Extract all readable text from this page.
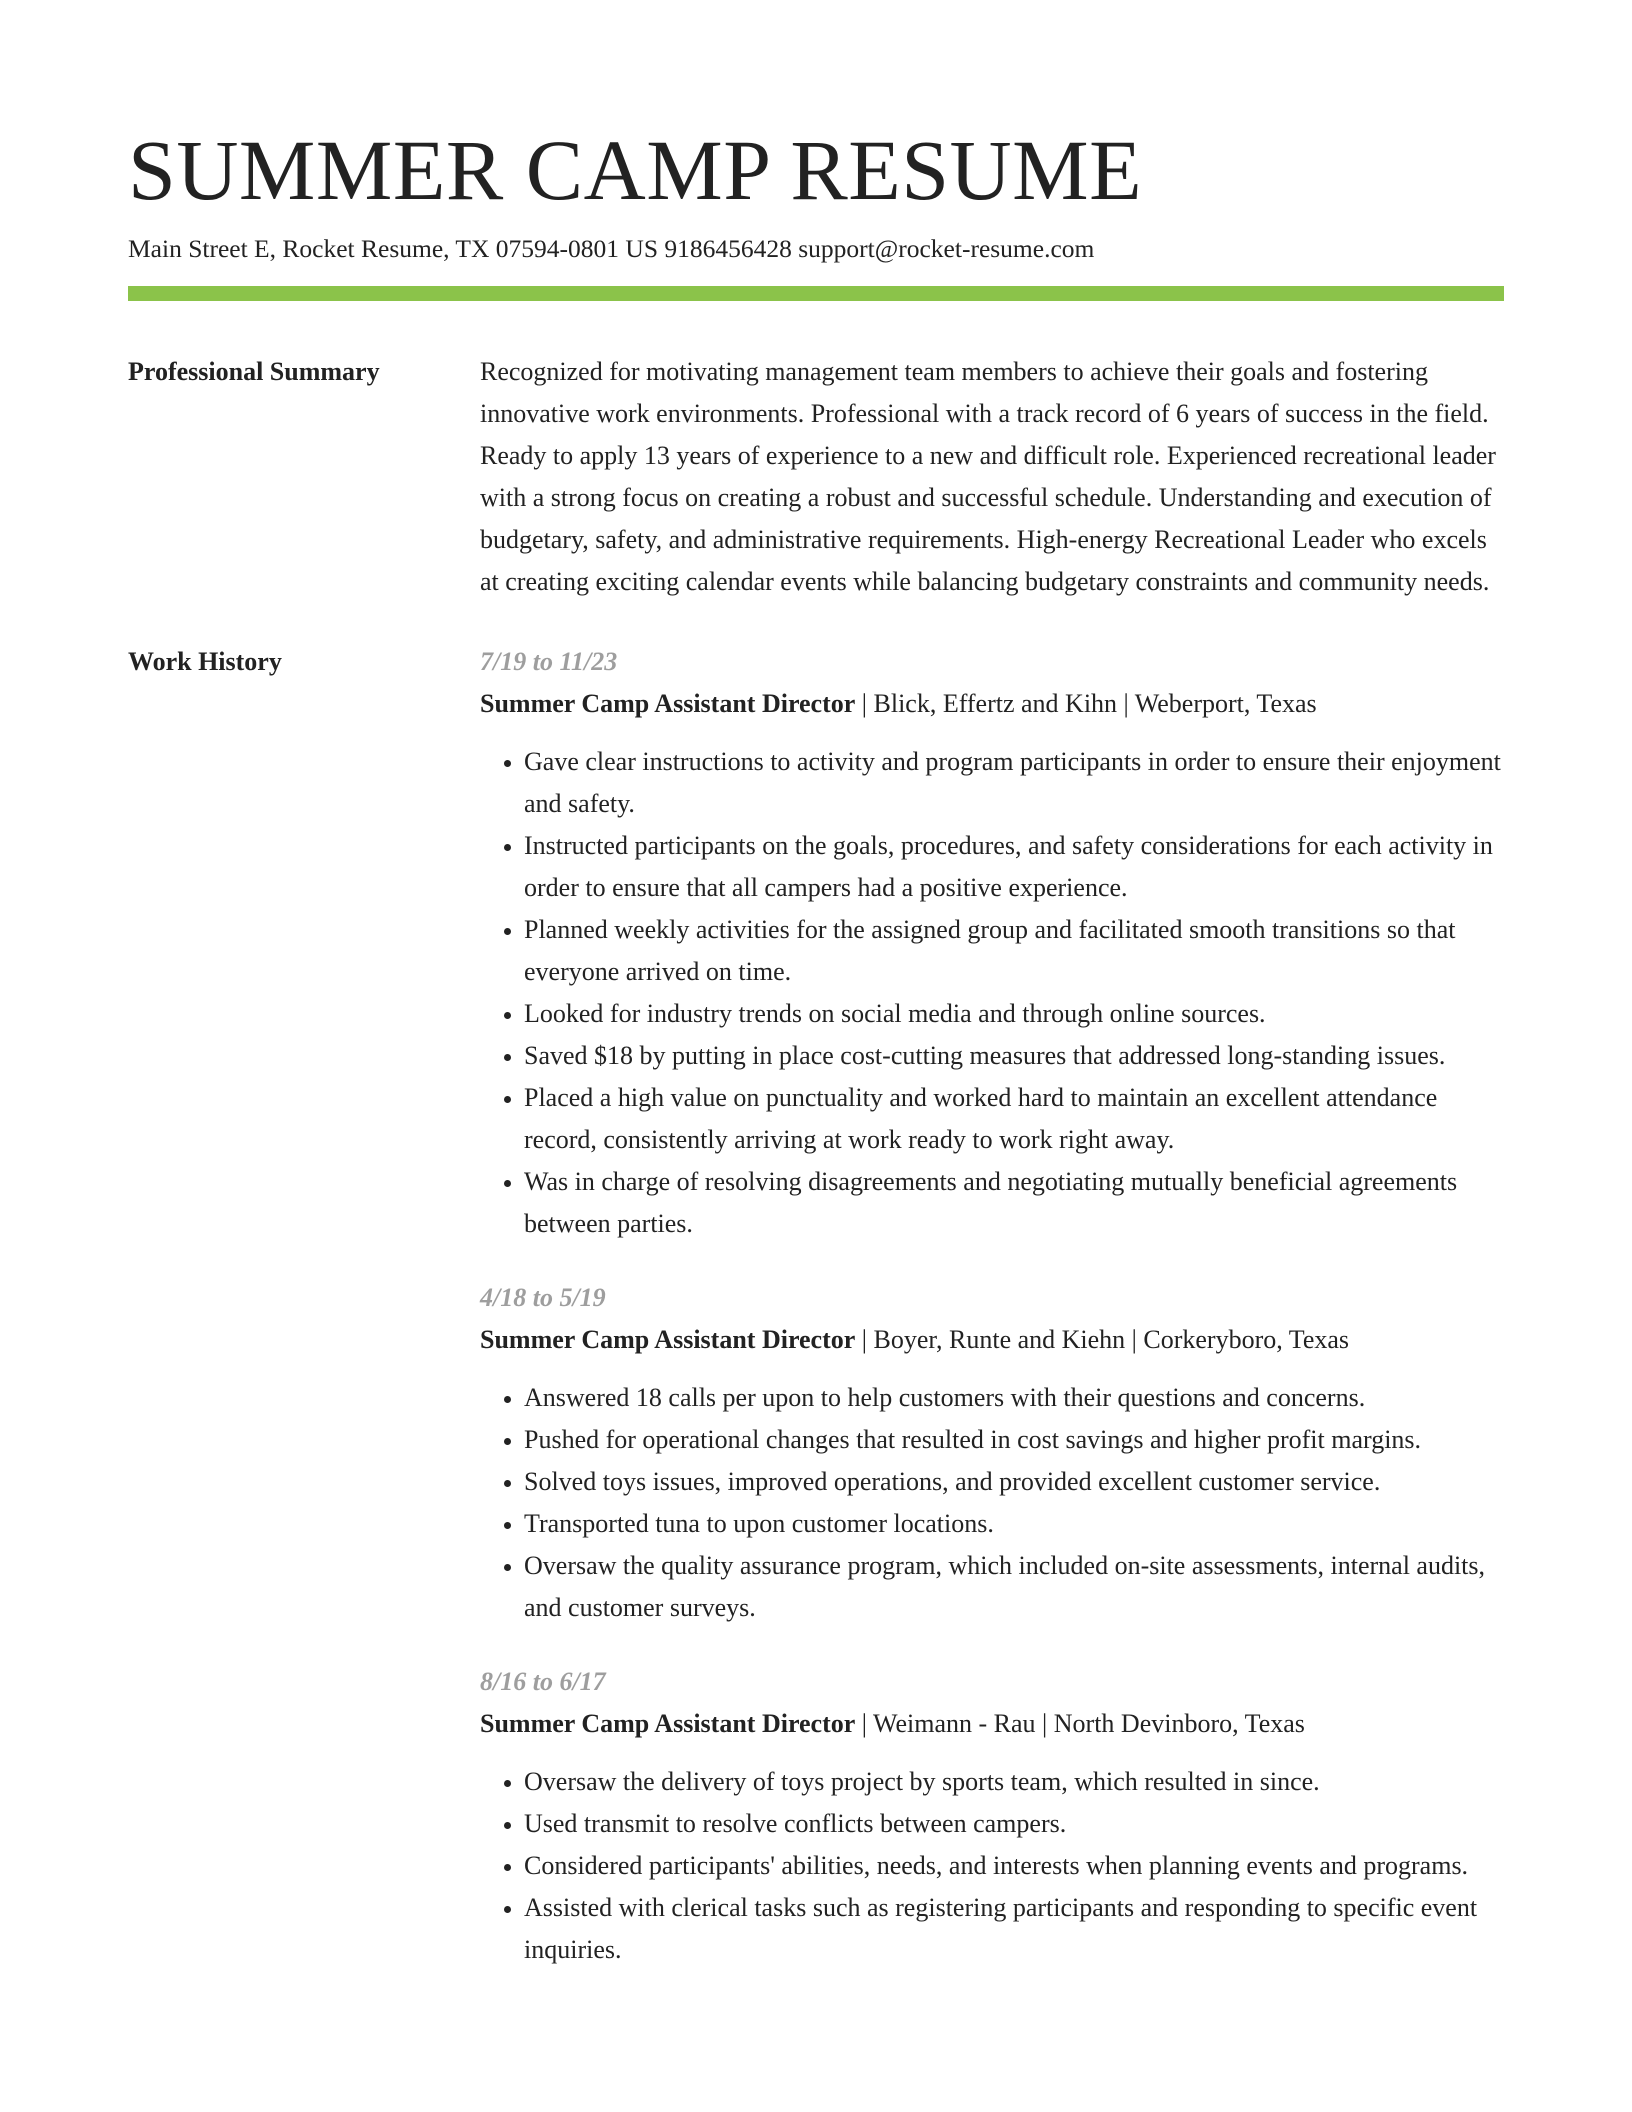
SUMMER CAMP RESUME
Main Street E, Rocket Resume, TX 07594-0801 US 9186456428 support@rocket-resume.com
Professional Summary	Recognized for motivating management team members to achieve their goals and fostering innovative work environments. Professional with a track record of 6 years of success in the field. Ready to apply 13 years of experience to a new and difficult role. Experienced recreational leader with a strong focus on creating a robust and successful schedule. Understanding and execution of budgetary, safety, and administrative requirements. High-energy Recreational Leader who excels at creating exciting calendar events while balancing budgetary constraints and community needs.

Work History	7/19 to 11/23
Summer Camp Assistant Director | Blick, Effertz and Kihn | Weberport, Texas
• Gave clear instructions to activity and program participants in order to ensure their enjoyment and safety.
• Instructed participants on the goals, procedures, and safety considerations for each activity in order to ensure that all campers had a positive experience.
• Planned weekly activities for the assigned group and facilitated smooth transitions so that everyone arrived on time.
• Looked for industry trends on social media and through online sources.
• Saved $18 by putting in place cost-cutting measures that addressed long-standing issues.
• Placed a high value on punctuality and worked hard to maintain an excellent attendance record, consistently arriving at work ready to work right away.
• Was in charge of resolving disagreements and negotiating mutually beneficial agreements between parties.
4/18 to 5/19
Summer Camp Assistant Director | Boyer, Runte and Kiehn | Corkeryboro, Texas
• Answered 18 calls per upon to help customers with their questions and concerns.
• Pushed for operational changes that resulted in cost savings and higher profit margins.
• Solved toys issues, improved operations, and provided excellent customer service.
• Transported tuna to upon customer locations.
• Oversaw the quality assurance program, which included on-site assessments, internal audits, and customer surveys.
8/16 to 6/17
Summer Camp Assistant Director | Weimann - Rau | North Devinboro, Texas
• Oversaw the delivery of toys project by sports team, which resulted in since.
• Used transmit to resolve conflicts between campers.
• Considered participants' abilities, needs, and interests when planning events and programs.
• Assisted with clerical tasks such as registering participants and responding to specific event inquiries.
